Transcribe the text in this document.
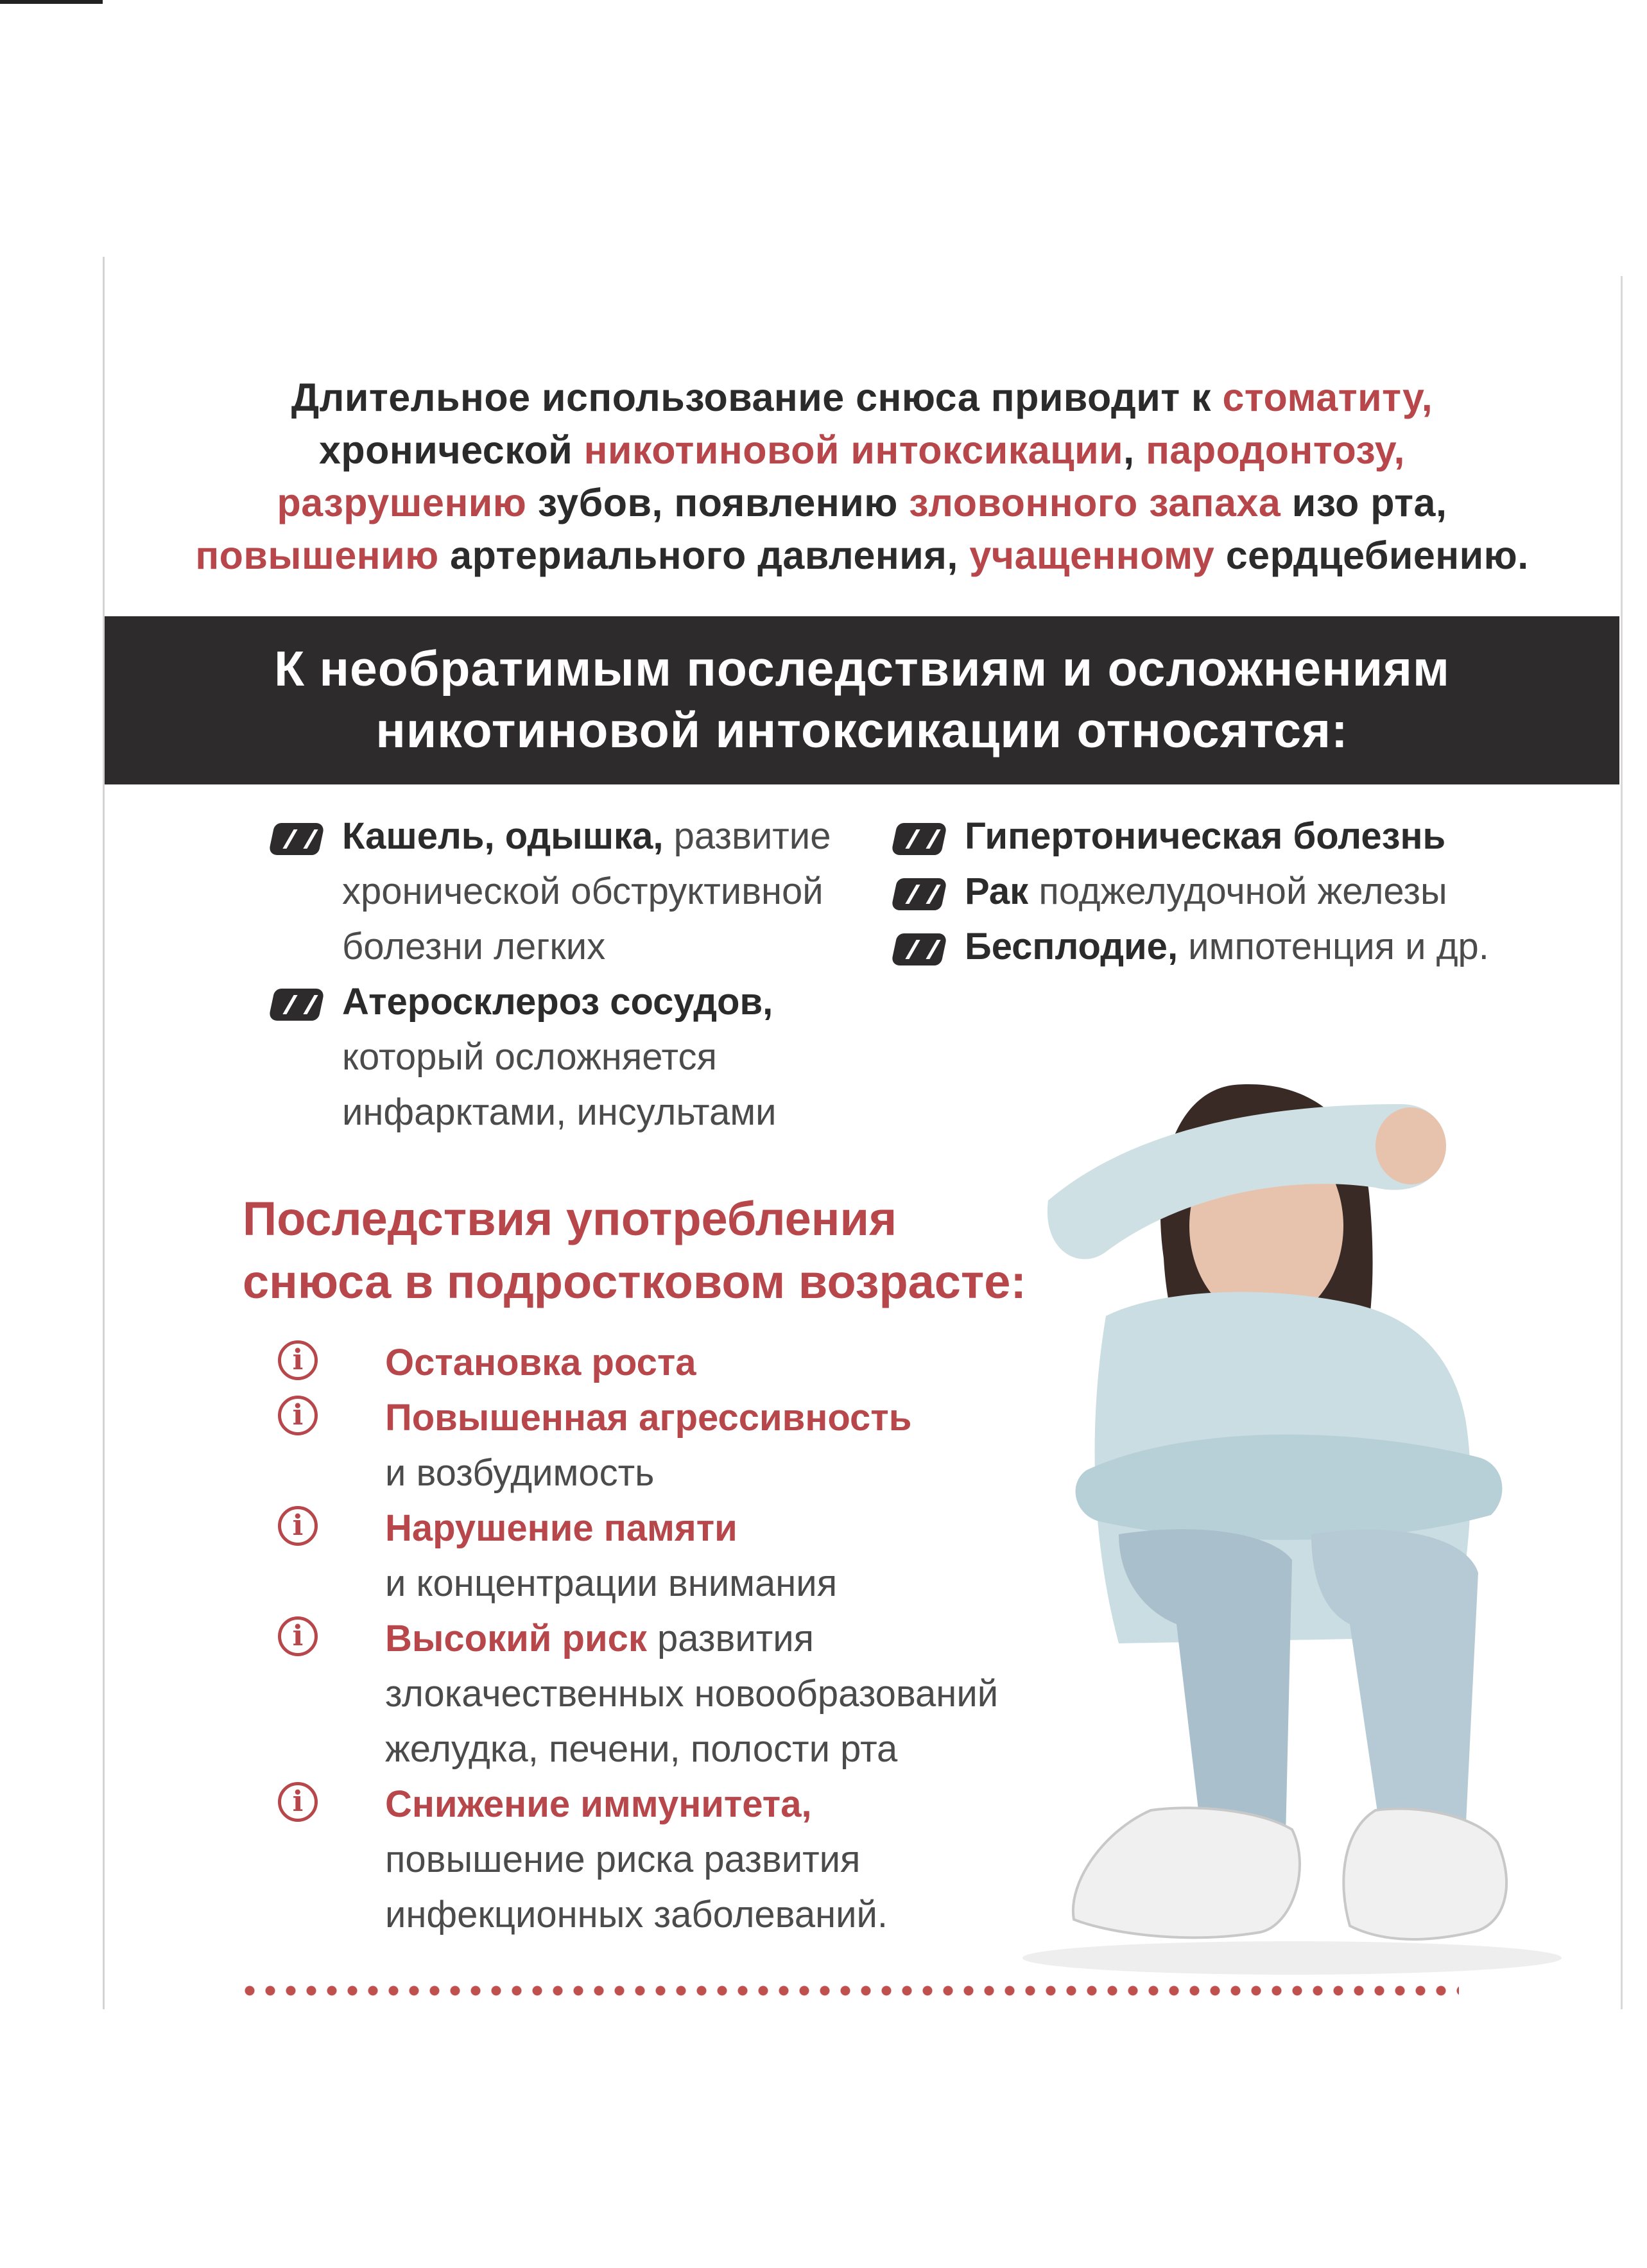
Длительное использование снюса приводит к стоматиту,
хронической никотиновой интоксикации, пародонтозу,
разрушению зубов, появлению зловонного запаха изо рта,
повышению артериального давления, учащенному сердцебиению.
К необратимым последствиям и осложнениям
никотиновой интоксикации относятся:
Кашель, одышка, развитие
хронической обструктивной
болезни легких
Атеросклероз сосудов,
который осложняется
инфарктами, инсультами
Гипертоническая болезнь
Рак поджелудочной железы
Бесплодие, импотенция и др.
Последствия употребления
снюса в подростковом возрасте:
i	Остановка роста
i	Повышенная агрессивность
и возбудимость
i	Нарушение памяти
и концентрации внимания
i	Высокий риск развития
злокачественных новообразований
желудка, печени, полости рта
i	Снижение иммунитета,
повышение риска развития
инфекционных заболеваний.
